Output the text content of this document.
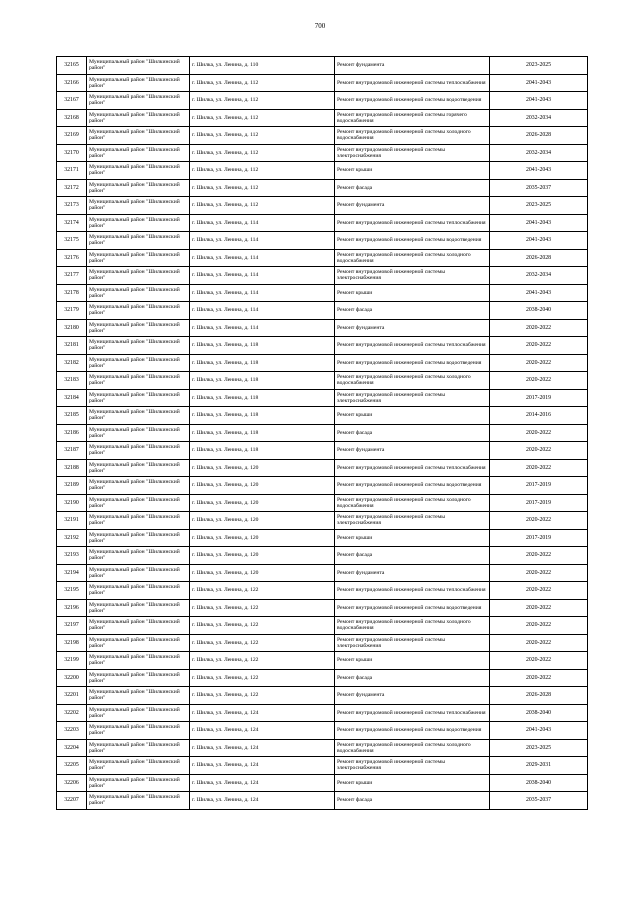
700
32165	Муниципальный район "Шилкинский район"	г. Шилка, ул. Ленина, д. 110	Ремонт фундамента	2023-2025
32166	Муниципальный район "Шилкинский район"	г. Шилка, ул. Ленина, д. 112	Ремонт внутридомовой инженерной системы теплоснабжения	2041-2043
32167	Муниципальный район "Шилкинский район"	г. Шилка, ул. Ленина, д. 112	Ремонт внутридомовой инженерной системы водоотведения	2041-2043
32168	Муниципальный район "Шилкинский район"	г. Шилка, ул. Ленина, д. 112	Ремонт внутридомовой инженерной системы горячего водоснабжения	2032-2034
32169	Муниципальный район "Шилкинский район"	г. Шилка, ул. Ленина, д. 112	Ремонт внутридомовой инженерной системы холодного водоснабжения	2026-2028
32170	Муниципальный район "Шилкинский район"	г. Шилка, ул. Ленина, д. 112	Ремонт внутридомовой инженерной системы электроснабжения	2032-2034
32171	Муниципальный район "Шилкинский район"	г. Шилка, ул. Ленина, д. 112	Ремонт крыши	2041-2043
32172	Муниципальный район "Шилкинский район"	г. Шилка, ул. Ленина, д. 112	Ремонт фасада	2035-2037
32173	Муниципальный район "Шилкинский район"	г. Шилка, ул. Ленина, д. 112	Ремонт фундамента	2023-2025
32174	Муниципальный район "Шилкинский район"	г. Шилка, ул. Ленина, д. 114	Ремонт внутридомовой инженерной системы теплоснабжения	2041-2043
32175	Муниципальный район "Шилкинский район"	г. Шилка, ул. Ленина, д. 114	Ремонт внутридомовой инженерной системы водоотведения	2041-2043
32176	Муниципальный район "Шилкинский район"	г. Шилка, ул. Ленина, д. 114	Ремонт внутридомовой инженерной системы холодного водоснабжения	2026-2028
32177	Муниципальный район "Шилкинский район"	г. Шилка, ул. Ленина, д. 114	Ремонт внутридомовой инженерной системы электроснабжения	2032-2034
32178	Муниципальный район "Шилкинский район"	г. Шилка, ул. Ленина, д. 114	Ремонт крыши	2041-2043
32179	Муниципальный район "Шилкинский район"	г. Шилка, ул. Ленина, д. 114	Ремонт фасада	2038-2040
32180	Муниципальный район "Шилкинский район"	г. Шилка, ул. Ленина, д. 114	Ремонт фундамента	2020-2022
32181	Муниципальный район "Шилкинский район"	г. Шилка, ул. Ленина, д. 118	Ремонт внутридомовой инженерной системы теплоснабжения	2020-2022
32182	Муниципальный район "Шилкинский район"	г. Шилка, ул. Ленина, д. 118	Ремонт внутридомовой инженерной системы водоотведения	2020-2022
32183	Муниципальный район "Шилкинский район"	г. Шилка, ул. Ленина, д. 118	Ремонт внутридомовой инженерной системы холодного водоснабжения	2020-2022
32184	Муниципальный район "Шилкинский район"	г. Шилка, ул. Ленина, д. 118	Ремонт внутридомовой инженерной системы электроснабжения	2017-2019
32185	Муниципальный район "Шилкинский район"	г. Шилка, ул. Ленина, д. 118	Ремонт крыши	2014-2016
32186	Муниципальный район "Шилкинский район"	г. Шилка, ул. Ленина, д. 118	Ремонт фасада	2020-2022
32187	Муниципальный район "Шилкинский район"	г. Шилка, ул. Ленина, д. 118	Ремонт фундамента	2020-2022
32188	Муниципальный район "Шилкинский район"	г. Шилка, ул. Ленина, д. 120	Ремонт внутридомовой инженерной системы теплоснабжения	2020-2022
32189	Муниципальный район "Шилкинский район"	г. Шилка, ул. Ленина, д. 120	Ремонт внутридомовой инженерной системы водоотведения	2017-2019
32190	Муниципальный район "Шилкинский район"	г. Шилка, ул. Ленина, д. 120	Ремонт внутридомовой инженерной системы холодного водоснабжения	2017-2019
32191	Муниципальный район "Шилкинский район"	г. Шилка, ул. Ленина, д. 120	Ремонт внутридомовой инженерной системы электроснабжения	2020-2022
32192	Муниципальный район "Шилкинский район"	г. Шилка, ул. Ленина, д. 120	Ремонт крыши	2017-2019
32193	Муниципальный район "Шилкинский район"	г. Шилка, ул. Ленина, д. 120	Ремонт фасада	2020-2022
32194	Муниципальный район "Шилкинский район"	г. Шилка, ул. Ленина, д. 120	Ремонт фундамента	2020-2022
32195	Муниципальный район "Шилкинский район"	г. Шилка, ул. Ленина, д. 122	Ремонт внутридомовой инженерной системы теплоснабжения	2020-2022
32196	Муниципальный район "Шилкинский район"	г. Шилка, ул. Ленина, д. 122	Ремонт внутридомовой инженерной системы водоотведения	2020-2022
32197	Муниципальный район "Шилкинский район"	г. Шилка, ул. Ленина, д. 122	Ремонт внутридомовой инженерной системы холодного водоснабжения	2020-2022
32198	Муниципальный район "Шилкинский район"	г. Шилка, ул. Ленина, д. 122	Ремонт внутридомовой инженерной системы электроснабжения	2020-2022
32199	Муниципальный район "Шилкинский район"	г. Шилка, ул. Ленина, д. 122	Ремонт крыши	2020-2022
32200	Муниципальный район "Шилкинский район"	г. Шилка, ул. Ленина, д. 122	Ремонт фасада	2020-2022
32201	Муниципальный район "Шилкинский район"	г. Шилка, ул. Ленина, д. 122	Ремонт фундамента	2026-2028
32202	Муниципальный район "Шилкинский район"	г. Шилка, ул. Ленина, д. 124	Ремонт внутридомовой инженерной системы теплоснабжения	2038-2040
32203	Муниципальный район "Шилкинский район"	г. Шилка, ул. Ленина, д. 124	Ремонт внутридомовой инженерной системы водоотведения	2041-2043
32204	Муниципальный район "Шилкинский район"	г. Шилка, ул. Ленина, д. 124	Ремонт внутридомовой инженерной системы холодного водоснабжения	2023-2025
32205	Муниципальный район "Шилкинский район"	г. Шилка, ул. Ленина, д. 124	Ремонт внутридомовой инженерной системы электроснабжения	2029-2031
32206	Муниципальный район "Шилкинский район"	г. Шилка, ул. Ленина, д. 124	Ремонт крыши	2038-2040
32207	Муниципальный район "Шилкинский район"	г. Шилка, ул. Ленина, д. 124	Ремонт фасада	2035-2037
